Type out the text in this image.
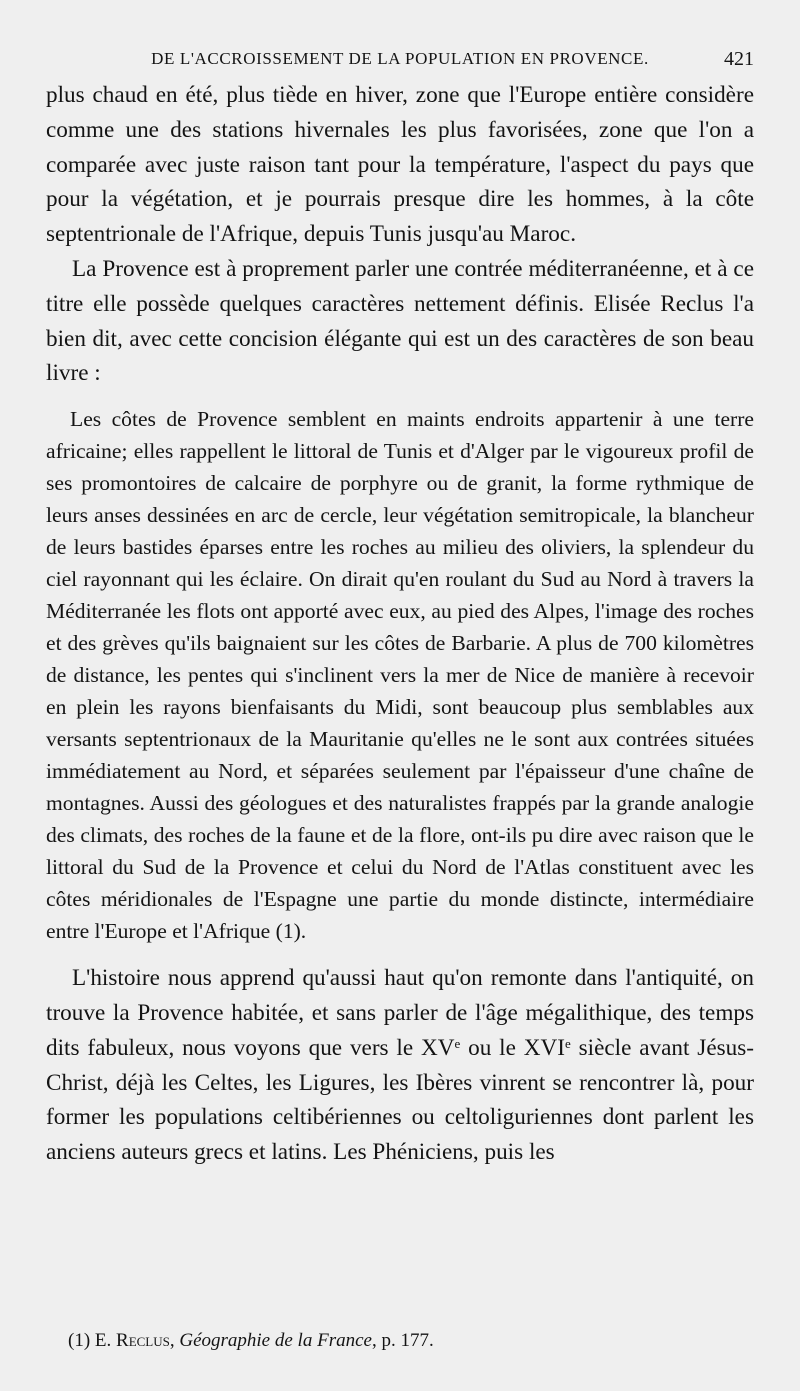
DE L'ACCROISSEMENT DE LA POPULATION EN PROVENCE.	421

plus chaud en été, plus tiède en hiver, zone que l'Europe entière considère comme une des stations hivernales les plus favorisées, zone que l'on a comparée avec juste raison tant pour la température, l'aspect du pays que pour la végétation, et je pourrais presque dire les hommes, à la côte septentrionale de l'Afrique, depuis Tunis jusqu'au Maroc.

La Provence est à proprement parler une contrée méditerranéenne, et à ce titre elle possède quelques caractères nettement définis. Elisée Reclus l'a bien dit, avec cette concision élégante qui est un des caractères de son beau livre :

Les côtes de Provence semblent en maints endroits appartenir à une terre africaine; elles rappellent le littoral de Tunis et d'Alger par le vigoureux profil de ses promontoires de calcaire de porphyre ou de granit, la forme rythmique de leurs anses dessinées en arc de cercle, leur végétation semitropicale, la blancheur de leurs bastides éparses entre les roches au milieu des oliviers, la splendeur du ciel rayonnant qui les éclaire. On dirait qu'en roulant du Sud au Nord à travers la Méditerranée les flots ont apporté avec eux, au pied des Alpes, l'image des roches et des grèves qu'ils baignaient sur les côtes de Barbarie. A plus de 700 kilomètres de distance, les pentes qui s'inclinent vers la mer de Nice de manière à recevoir en plein les rayons bienfaisants du Midi, sont beaucoup plus semblables aux versants septentrionaux de la Mauritanie qu'elles ne le sont aux contrées situées immédiatement au Nord, et séparées seulement par l'épaisseur d'une chaîne de montagnes. Aussi des géologues et des naturalistes frappés par la grande analogie des climats, des roches de la faune et de la flore, ont-ils pu dire avec raison que le littoral du Sud de la Provence et celui du Nord de l'Atlas constituent avec les côtes méridionales de l'Espagne une partie du monde distincte, intermédiaire entre l'Europe et l'Afrique (1).

L'histoire nous apprend qu'aussi haut qu'on remonte dans l'antiquité, on trouve la Provence habitée, et sans parler de l'âge mégalithique, des temps dits fabuleux, nous voyons que vers le XVe ou le XVIe siècle avant Jésus-Christ, déjà les Celtes, les Ligures, les Ibères vinrent se rencontrer là, pour former les populations celtibériennes ou celtoliguriennes dont parlent les anciens auteurs grecs et latins. Les Phéniciens, puis les

(1) E. Reclus, Géographie de la France, p. 177.
